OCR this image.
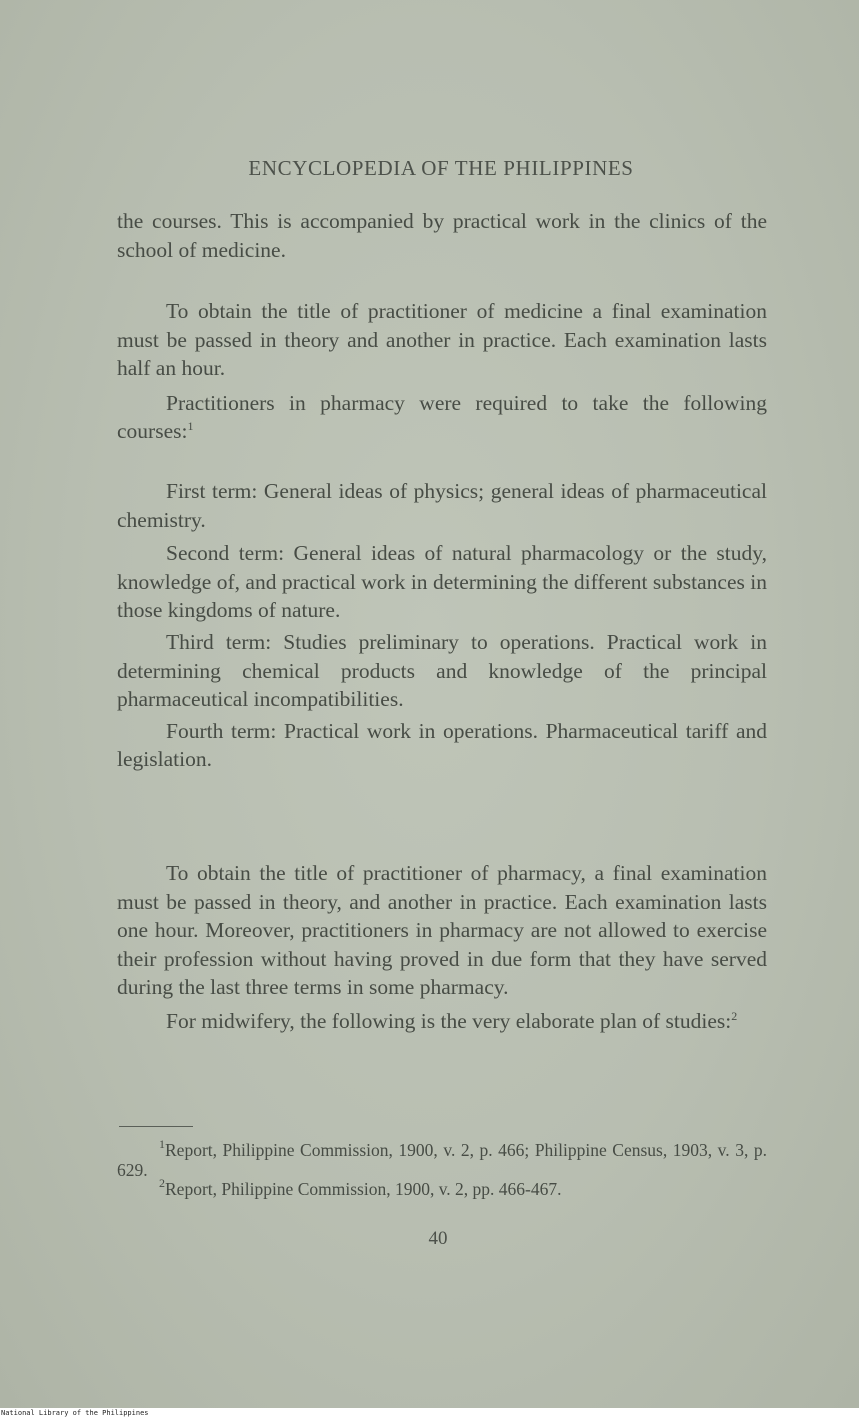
ENCYCLOPEDIA OF THE PHILIPPINES

the courses. This is accompanied by practical work in the clinics of the school of medicine.

To obtain the title of practitioner of medicine a final examination must be passed in theory and another in practice. Each examination lasts half an hour.

Practitioners in pharmacy were required to take the following courses:$^1$

First term: General ideas of physics; general ideas of pharmaceutical chemistry.

Second term: General ideas of natural pharmacology or the study, knowledge of, and practical work in determining the different substances in those kingdoms of nature.

Third term: Studies preliminary to operations. Practical work in determining chemical products and knowledge of the principal pharmaceutical incompatibilities.

Fourth term: Practical work in operations. Pharmaceutical tariff and legislation.

To obtain the title of practitioner of pharmacy, a final examination must be passed in theory, and another in practice. Each examination lasts one hour. Moreover, practitioners in pharmacy are not allowed to exercise their profession without having proved in due form that they have served during the last three terms in some pharmacy.

For midwifery, the following is the very elaborate plan of studies:$^2$

$^1$Report, Philippine Commission, 1900, v. 2, p. 466; Philippine Census, 1903, v. 3, p. 629.

$^2$Report, Philippine Commission, 1900, v. 2, pp. 466-467.

40
National Library of the Philippines
